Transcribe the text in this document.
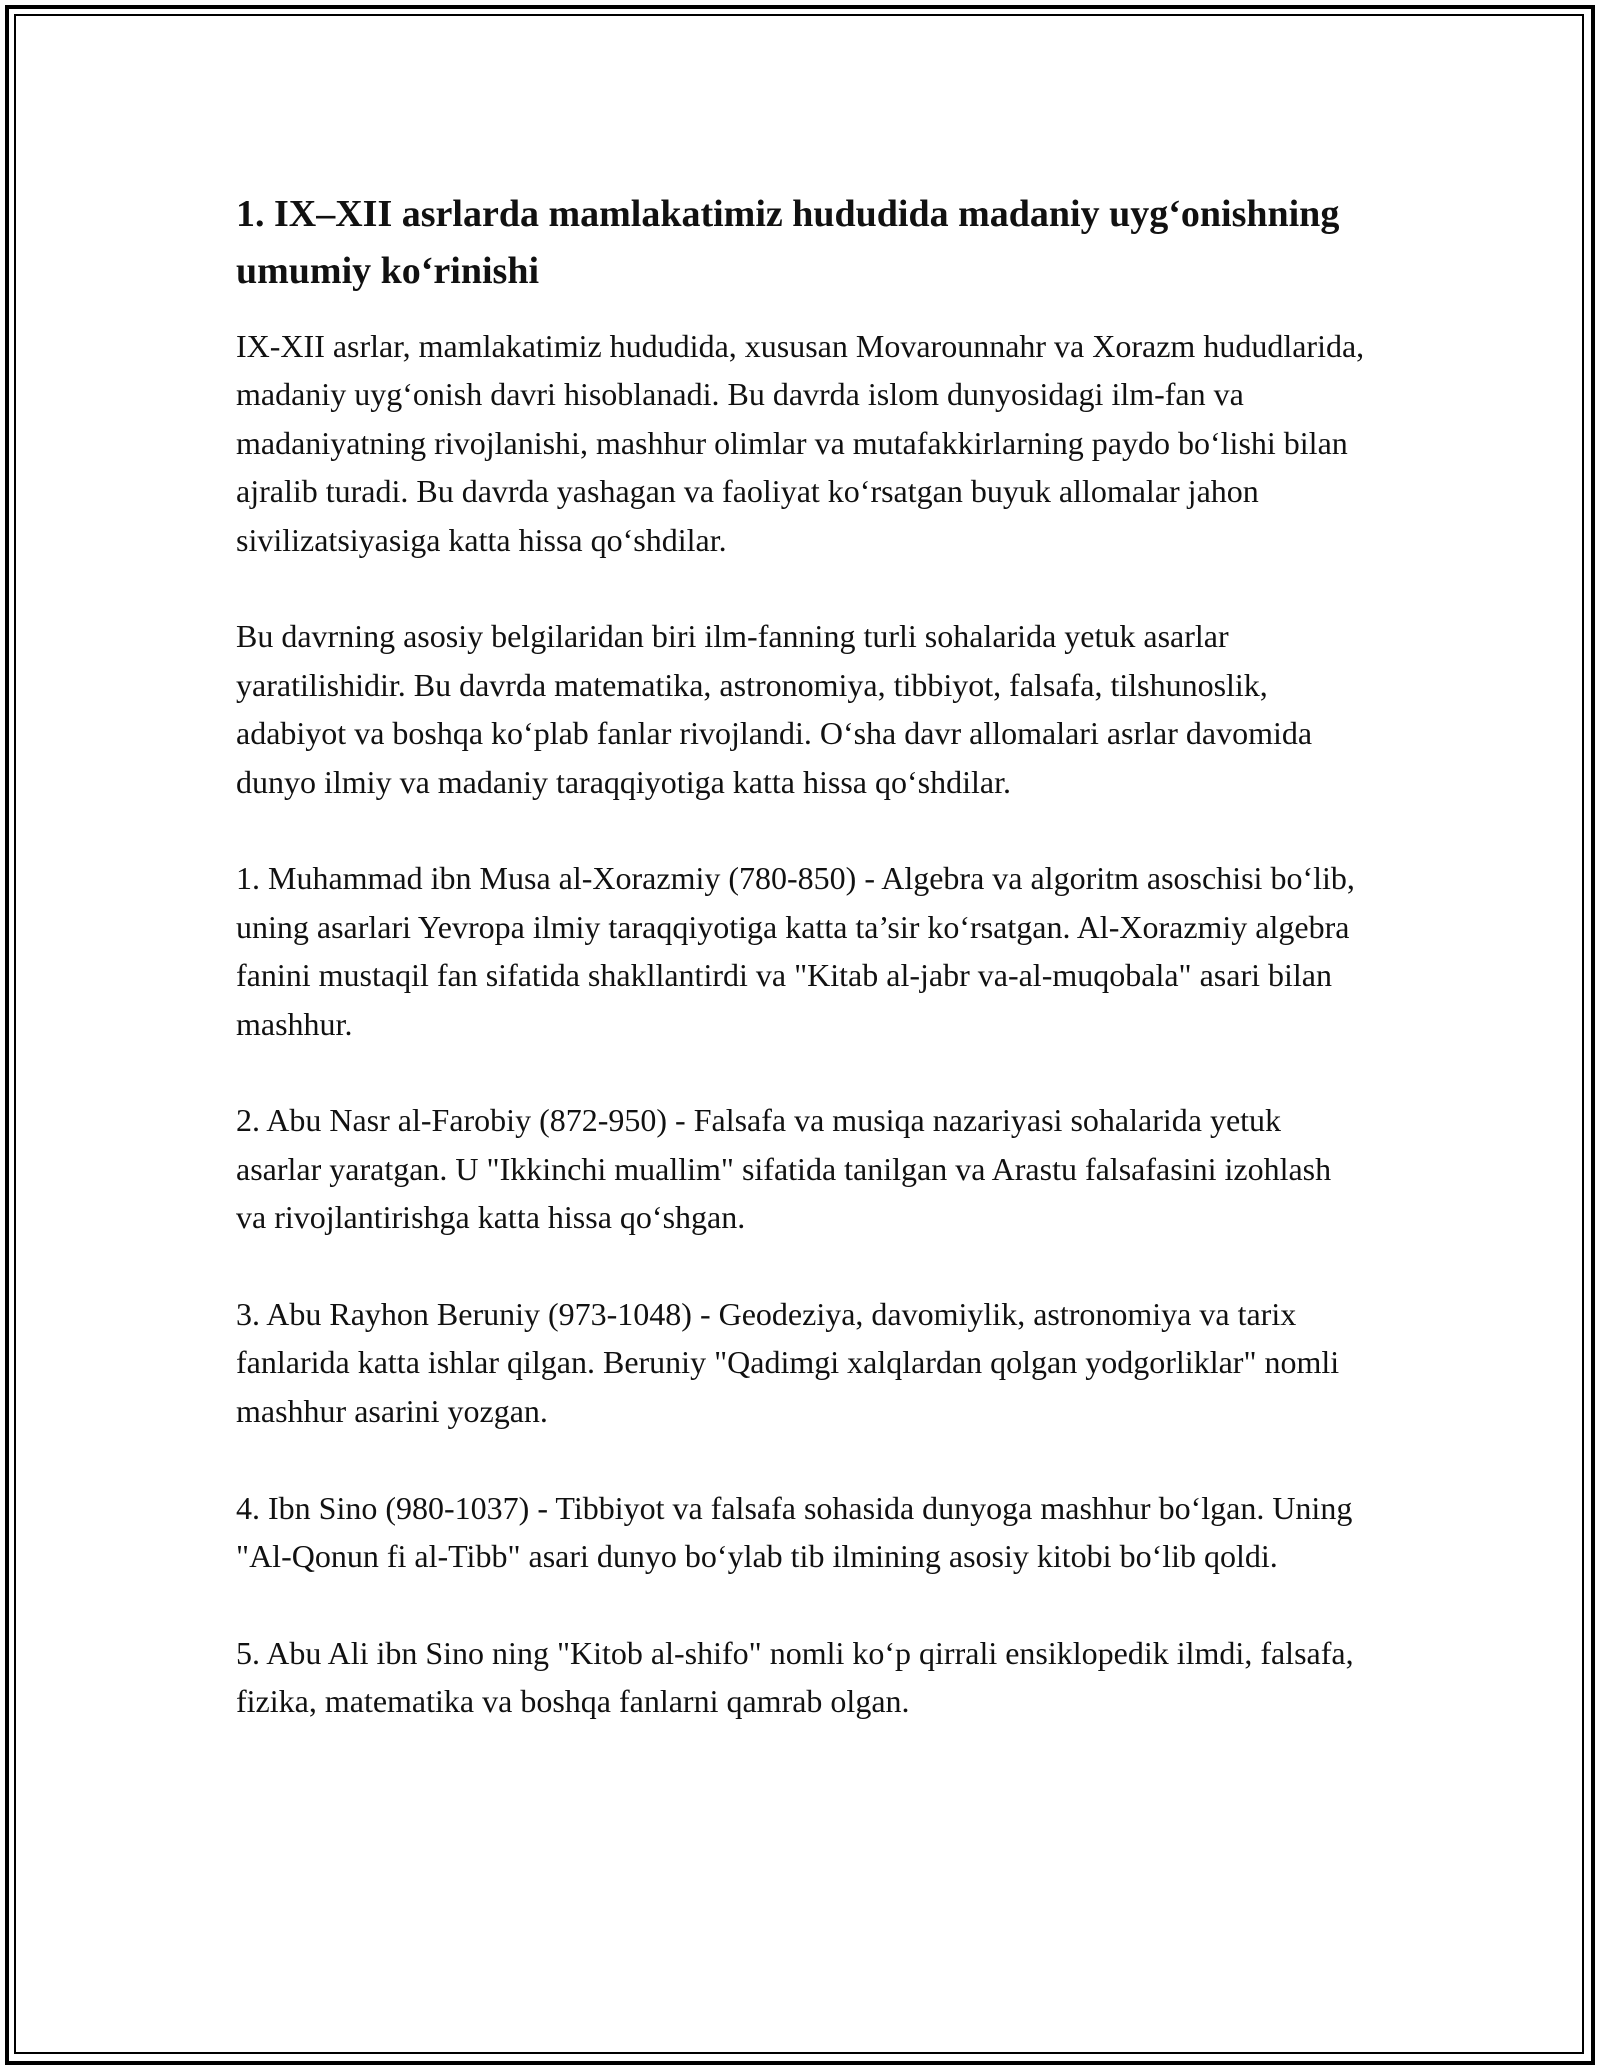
1. IX–XII asrlarda mamlakatimiz hududida madaniy uyg‘onishning umumiy ko‘rinishi

IX-XII asrlar, mamlakatimiz hududida, xususan Movarounnahr va Xorazm hududlarida, madaniy uyg‘onish davri hisoblanadi. Bu davrda islom dunyosidagi ilm-fan va madaniyatning rivojlanishi, mashhur olimlar va mutafakkirlarning paydo bo‘lishi bilan ajralib turadi. Bu davrda yashagan va faoliyat ko‘rsatgan buyuk allomalar jahon sivilizatsiyasiga katta hissa qo‘shdilar.

Bu davrning asosiy belgilaridan biri ilm-fanning turli sohalarida yetuk asarlar yaratilishidir. Bu davrda matematika, astronomiya, tibbiyot, falsafa, tilshunoslik, adabiyot va boshqa ko‘plab fanlar rivojlandi. O‘sha davr allomalari asrlar davomida dunyo ilmiy va madaniy taraqqiyotiga katta hissa qo‘shdilar.

1. Muhammad ibn Musa al-Xorazmiy (780-850) - Algebra va algoritm asoschisi bo‘lib, uning asarlari Yevropa ilmiy taraqqiyotiga katta ta’sir ko‘rsatgan. Al-Xorazmiy algebra fanini mustaqil fan sifatida shakllantirdi va "Kitab al-jabr va-al-muqobala" asari bilan mashhur.

2. Abu Nasr al-Farobiy (872-950) - Falsafa va musiqa nazariyasi sohalarida yetuk asarlar yaratgan. U "Ikkinchi muallim" sifatida tanilgan va Arastu falsafasini izohlash va rivojlantirishga katta hissa qo‘shgan.

3. Abu Rayhon Beruniy (973-1048) - Geodeziya, davomiylik, astronomiya va tarix fanlarida katta ishlar qilgan. Beruniy "Qadimgi xalqlardan qolgan yodgorliklar" nomli mashhur asarini yozgan.

4. Ibn Sino (980-1037) - Tibbiyot va falsafa sohasida dunyoga mashhur bo‘lgan. Uning "Al-Qonun fi al-Tibb" asari dunyo bo‘ylab tib ilmining asosiy kitobi bo‘lib qoldi.

5. Abu Ali ibn Sino ning "Kitob al-shifo" nomli ko‘p qirrali ensiklopedik ilmdi, falsafa, fizika, matematika va boshqa fanlarni qamrab olgan.
